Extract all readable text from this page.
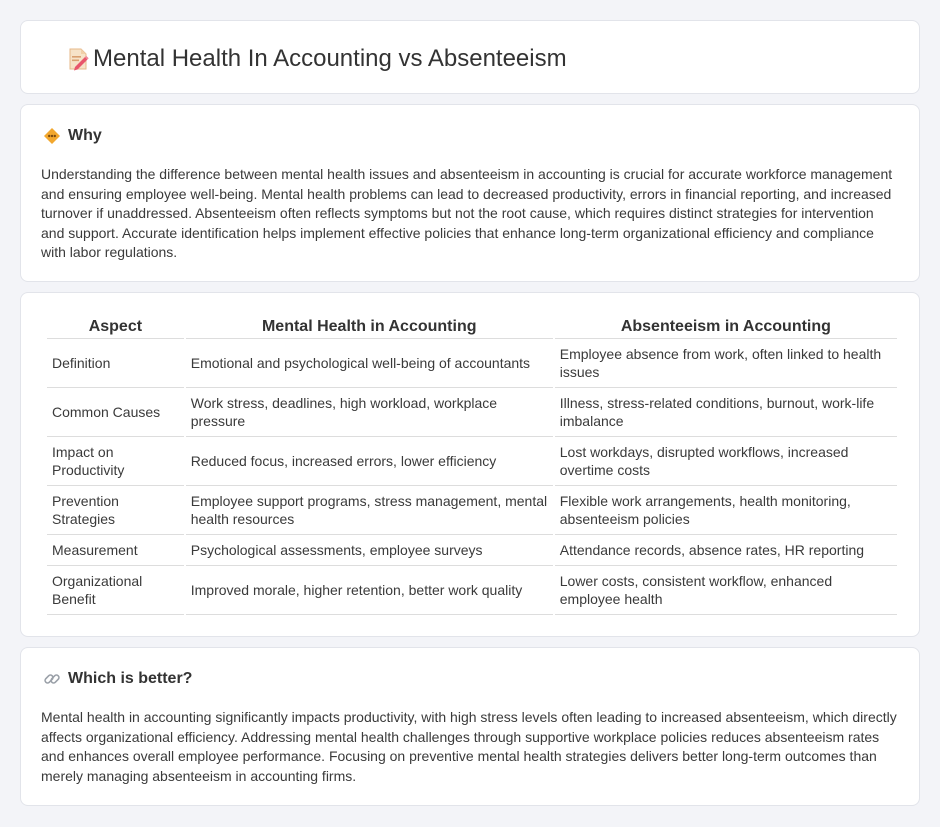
Mental Health In Accounting vs Absenteeism
Why

Understanding the difference between mental health issues and absenteeism in accounting is crucial for accurate workforce management and ensuring employee well-being. Mental health problems can lead to decreased productivity, errors in financial reporting, and increased turnover if unaddressed. Absenteeism often reflects symptoms but not the root cause, which requires distinct strategies for intervention and support. Accurate identification helps implement effective policies that enhance long-term organizational efficiency and compliance with labor regulations.

Aspect	Mental Health in Accounting	Absenteeism in Accounting
Definition	Emotional and psychological well-being of accountants	Employee absence from work, often linked to health issues
Common Causes	Work stress, deadlines, high workload, workplace pressure	Illness, stress-related conditions, burnout, work-life imbalance
Impact on Productivity	Reduced focus, increased errors, lower efficiency	Lost workdays, disrupted workflows, increased overtime costs
Prevention Strategies	Employee support programs, stress management, mental health resources	Flexible work arrangements, health monitoring, absenteeism policies
Measurement	Psychological assessments, employee surveys	Attendance records, absence rates, HR reporting
Organizational Benefit	Improved morale, higher retention, better work quality	Lower costs, consistent workflow, enhanced employee health
Which is better?

Mental health in accounting significantly impacts productivity, with high stress levels often leading to increased absenteeism, which directly affects organizational efficiency. Addressing mental health challenges through supportive workplace policies reduces absenteeism rates and enhances overall employee performance. Focusing on preventive mental health strategies delivers better long-term outcomes than merely managing absenteeism in accounting firms.
